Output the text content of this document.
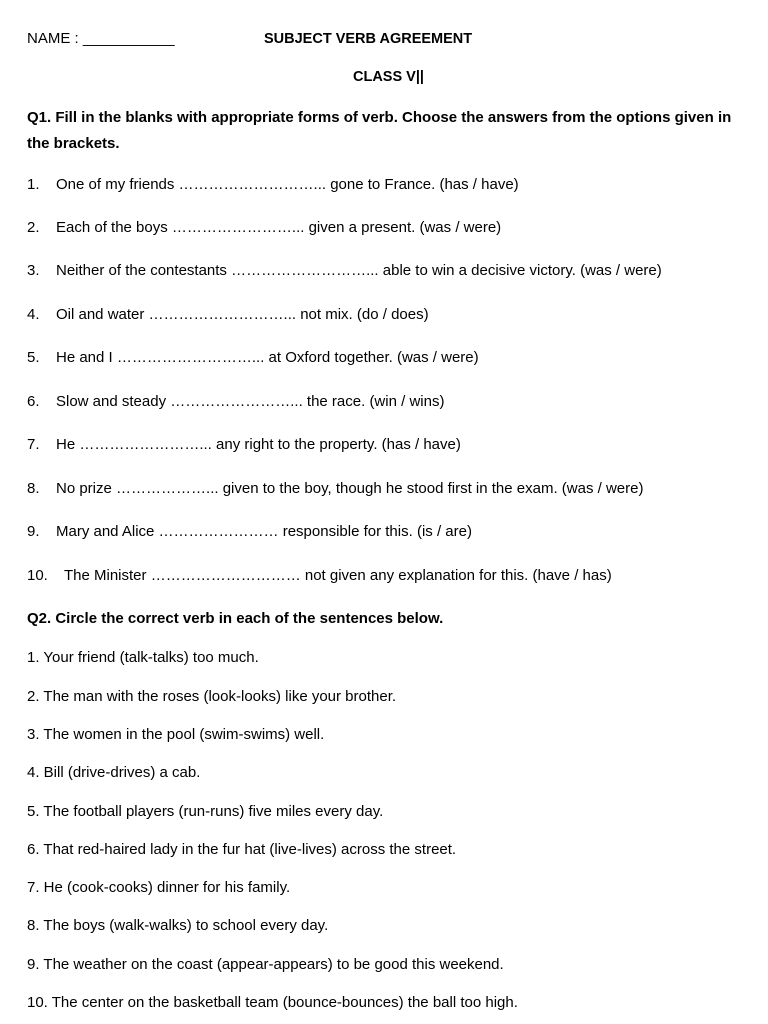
NAME : ___________	SUBJECT VERB AGREEMENT
CLASS V||
Q1. Fill in the blanks with appropriate forms of verb. Choose the answers from the options given in the brackets.
1. One of my friends ………………………... gone to France. (has / have)
2. Each of the boys ……………………... given a present. (was / were)
3. Neither of the contestants ………………………... able to win a decisive victory. (was / were)
4. Oil and water ………………………... not mix. (do / does)
5. He and I ………………………... at Oxford together. (was / were)
6. Slow and steady ……………………... the race. (win / wins)
7. He ……………………... any right to the property. (has / have)
8. No prize ………………... given to the boy, though he stood first in the exam. (was / were)
9. Mary and Alice …………………… responsible for this. (is / are)
10. The Minister ………………………… not given any explanation for this. (have / has)
Q2. Circle the correct verb in each of the sentences below.
1. Your friend (talk-talks) too much.
2. The man with the roses (look-looks) like your brother.
3. The women in the pool (swim-swims) well.
4. Bill (drive-drives) a cab.
5. The football players (run-runs) five miles every day.
6. That red-haired lady in the fur hat (live-lives) across the street.
7. He (cook-cooks) dinner for his family.
8. The boys (walk-walks) to school every day.
9. The weather on the coast (appear-appears) to be good this weekend.
10. The center on the basketball team (bounce-bounces) the ball too high.
